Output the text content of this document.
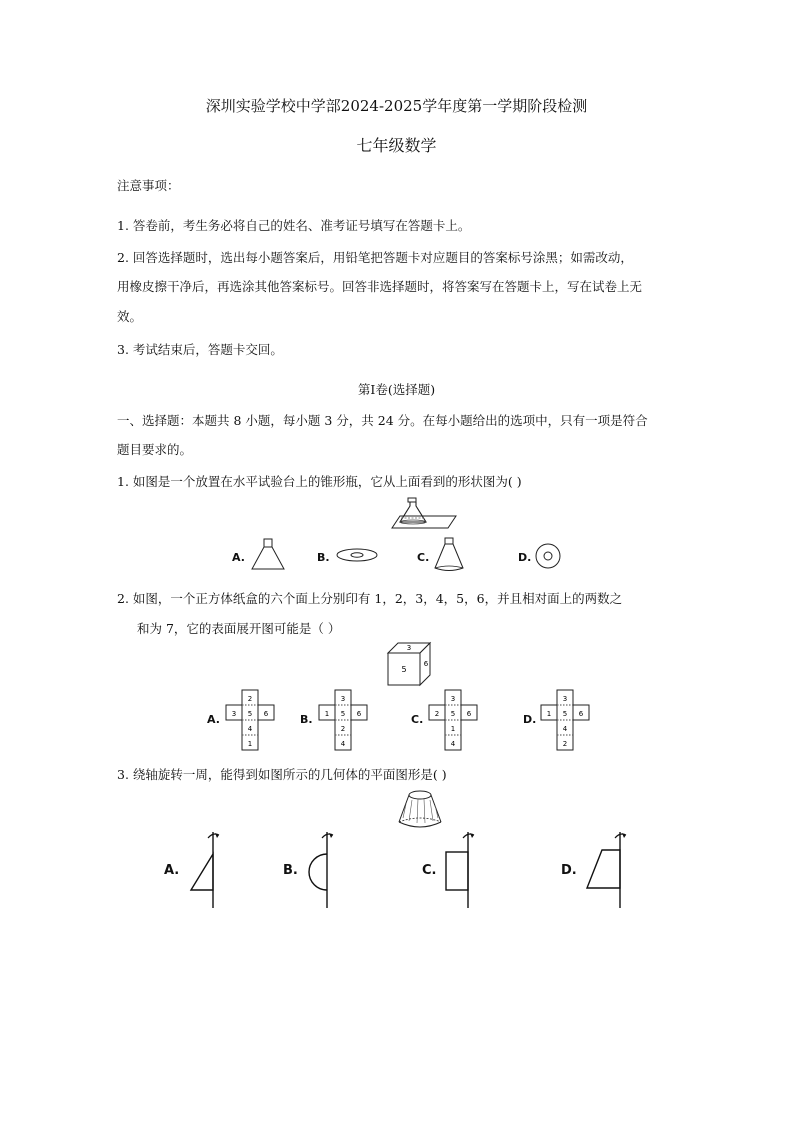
深圳实验学校中学部2024-2025学年度第一学期阶段检测
七年级数学
注意事项：
1. 答卷前，考生务必将自己的姓名、准考证号填写在答题卡上。
2. 回答选择题时，选出每小题答案后，用铅笔把答题卡对应题目的答案标号涂黑；如需改动，
用橡皮擦干净后，再选涂其他答案标号。回答非选择题时，将答案写在答题卡上，写在试卷上无
效。
3. 考试结束后，答题卡交回。
第Ⅰ卷(选择题)
一、选择题：本题共 8 小题，每小题 3 分，共 24 分。在每小题给出的选项中，只有一项是符合
题目要求的。
1. 如图是一个放置在水平试验台上的锥形瓶，它从上面看到的形状图为( )
A.	B.	C.	D.
2. 如图，一个正方体纸盒的六个面上分别印有 1，2，3，4，5，6，并且相对面上的两数之
和为 7，它的表面展开图可能是（ ）
3
5
6
A.
2
3 5 6
4
1
B.
3
1 5 6
2
4
C.
3
2 5 6
1
4
D.
3
1 5 6
4
2
3. 绕轴旋转一周，能得到如图所示的几何体的平面图形是( )
A.	B.	C.	D.
